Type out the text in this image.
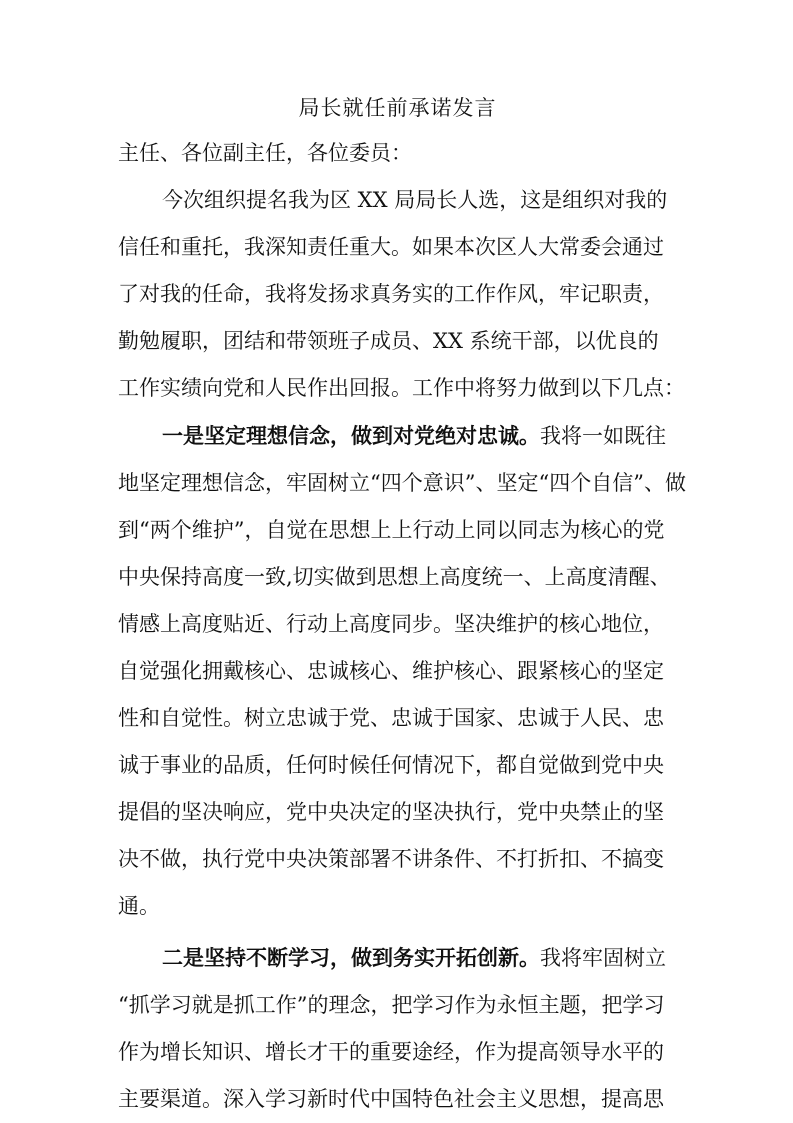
局长就任前承诺发言
主任、各位副主任，各位委员：
今次组织提名我为区 XX 局局长人选，这是组织对我的
信任和重托，我深知责任重大。如果本次区人大常委会通过
了对我的任命，我将发扬求真务实的工作作风，牢记职责，
勤勉履职，团结和带领班子成员、XX 系统干部，以优良的
工作实绩向党和人民作出回报。工作中将努力做到以下几点：
一是坚定理想信念，做到对党绝对忠诚。我将一如既往
地坚定理想信念，牢固树立“四个意识”、坚定“四个自信”、做
到“两个维护”，自觉在思想上上行动上同以同志为核心的党
中央保持高度一致,切实做到思想上高度统一、上高度清醒、
情感上高度贴近、行动上高度同步。坚决维护的核心地位，
自觉强化拥戴核心、忠诚核心、维护核心、跟紧核心的坚定
性和自觉性。树立忠诚于党、忠诚于国家、忠诚于人民、忠
诚于事业的品质，任何时候任何情况下，都自觉做到党中央
提倡的坚决响应，党中央决定的坚决执行，党中央禁止的坚
决不做，执行党中央决策部署不讲条件、不打折扣、不搞变
通。
二是坚持不断学习，做到务实开拓创新。我将牢固树立
“抓学习就是抓工作”的理念，把学习作为永恒主题，把学习
作为增长知识、增长才干的重要途经，作为提高领导水平的
主要渠道。深入学习新时代中国特色社会主义思想，提高思
